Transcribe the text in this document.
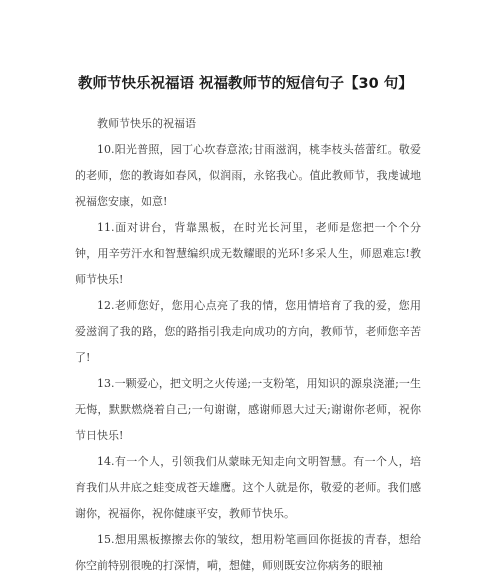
教师节快乐祝福语 祝福教师节的短信句子【30 句】

教师节快乐的祝福语

10.阳光普照，园丁心坎春意浓;甘雨滋润，桃李枝头蓓蕾红。敬爱的老师，您的教诲如春风，似润雨，永铭我心。值此教师节，我虔诚地祝福您安康，如意!

11.面对讲台，背靠黑板，在时光长河里，老师是您把一个个分钟，用辛劳汗水和智慧编织成无数耀眼的光环!多采人生，师恩难忘!教师节快乐!

12.老师您好，您用心点亮了我的情，您用情培育了我的爱，您用爱滋润了我的路，您的路指引我走向成功的方向，教师节，老师您辛苦了!

13.一颗爱心，把文明之火传递;一支粉笔，用知识的源泉浇灌;一生无悔，默默燃烧着自己;一句谢谢，感谢师恩大过天;谢谢你老师，祝你节日快乐!

14.有一个人，引领我们从蒙昧无知走向文明智慧。有一个人，培育我们从井底之蛙变成苍天雄鹰。这个人就是你，敬爱的老师。我们感谢你，祝福你，祝你健康平安，教师节快乐。

15.想用黑板擦擦去你的皱纹，想用粉笔画回你挺拔的青春，想给你空前特别很晚的打深情，嗬，想健，师则既安泣你病务的眼袖
